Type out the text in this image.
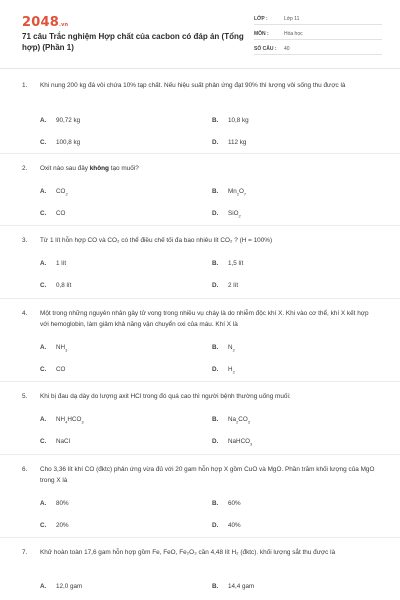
2048.vn
71 câu Trắc nghiệm Hợp chất của cacbon có đáp án (Tổng hợp) (Phần 1)
LỚP :	Lớp 11
MÔN :	Hóa học
SỐ CÂU : 40
1. Khi nung 200 kg đá vôi chứa 10% tạp chất. Nếu hiệu suất phản ứng đạt 90% thì lượng vôi sống thu được là
A. 90,72 kg	B. 10,8 kg
C. 100,8 kg	D. 112 kg
2. Oxit nào sau đây không tạo muối?
A. $CO_2$	B. $Mn_2O_7$
C. CO	D. SiO$_2$
3. Từ 1 lít hỗn hợp CO và CO₂ có thể điều chế tối đa bao nhiêu lít CO₂ ? (H = 100%)
A. 1 lít	B. 1,5 lít
C. 0,8 lít	D. 2 lít
4. Một trong những nguyên nhân gây tử vong trong nhiều vụ cháy là do nhiễm độc khí X. Khi vào cơ thể, khí X kết hợp với hemoglobin, làm giảm khả năng vận chuyển oxi của máu. Khí X là
A. $NH_3$	B. $N_2$
C. CO	D. $H_2$
5. Khi bị đau dạ dày do lượng axit HCl trong đó quá cao thì người bệnh thường uống muối:
A. $NH_4HCO_3$	B. $Na_2CO_3$
C. NaCl	D. NaHCO$_3$
6. Cho 3,36 lít khí CO (đktc) phản ứng vừa đủ với 20 gam hỗn hợp X gồm CuO và MgO. Phần trăm khối lượng của MgO trong X là
A. 80%	B. 60%
C. 20%	D. 40%
7. Khử hoàn toàn 17,6 gam hỗn hợp gồm Fe, FeO, Fe₂O₃ cần 4,48 lít H₂ (đktc). khối lượng sắt thu được là
A. 12,0 gam	B. 14,4 gam
